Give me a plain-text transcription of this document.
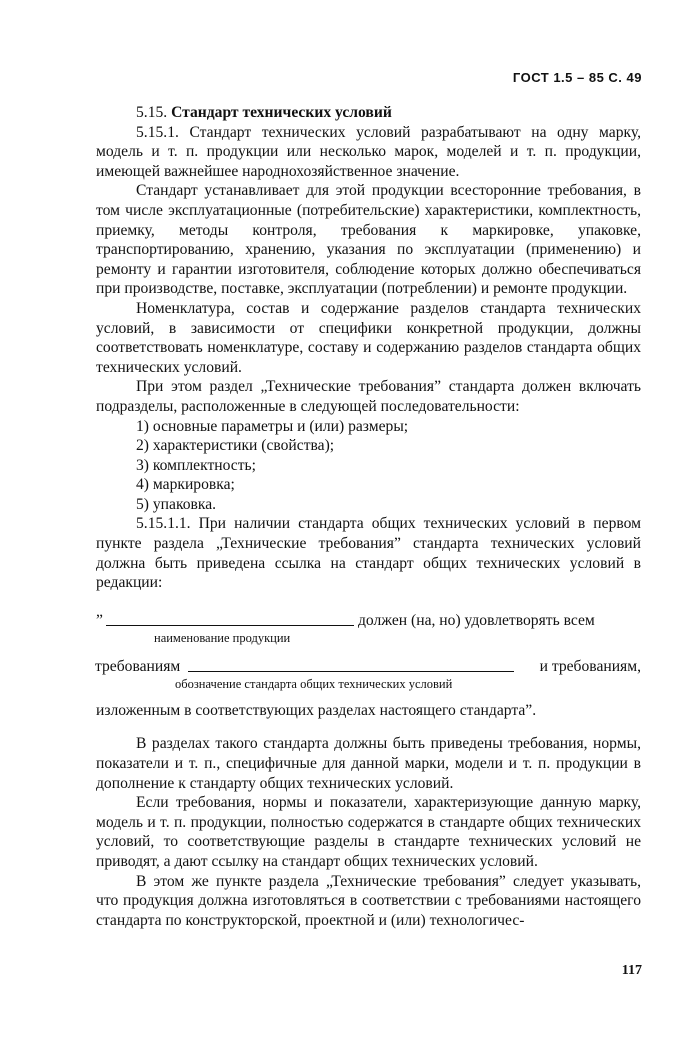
ГОСТ 1.5 – 85 С. 49

5.15. Стандарт технических условий

5.15.1. Стандарт технических условий разрабатывают на одну марку, модель и т. п. продукции или несколько марок, моделей и т. п. продукции, имеющей важнейшее народнохозяйственное значение.

Стандарт устанавливает для этой продукции всесторонние требования, в том числе эксплуатационные (потребительские) характеристики, комплектность, приемку, методы контроля, требования к маркировке, упаковке, транспортированию, хранению, указания по эксплуатации (применению) и ремонту и гарантии изготовителя, соблюдение которых должно обеспечиваться при производстве, поставке, эксплуатации (потреблении) и ремонте продукции.

Номенклатура, состав и содержание разделов стандарта технических условий, в зависимости от специфики конкретной продукции, должны соответствовать номенклатуре, составу и содержанию разделов стандарта общих технических условий.

При этом раздел „Технические требования” стандарта должен включать подразделы, расположенные в следующей последовательности:

1) основные параметры и (или) размеры;
2) характеристики (свойства);
3) комплектность;
4) маркировка;
5) упаковка.

5.15.1.1. При наличии стандарта общих технических условий в первом пункте раздела „Технические требования” стандарта технических условий должна быть приведена ссылка на стандарт общих технических условий в редакции:

”	должен (на, но) удовлетворять всем
наименование продукции
требованиям	и требованиям,
обозначение стандарта общих технических условий

изложенным в соответствующих разделах настоящего стандарта”.

В разделах такого стандарта должны быть приведены требования, нормы, показатели и т. п., специфичные для данной марки, модели и т. п. продукции в дополнение к стандарту общих технических условий.

Если требования, нормы и показатели, характеризующие данную марку, модель и т. п. продукции, полностью содержатся в стандарте общих технических условий, то соответствующие разделы в стандарте технических условий не приводят, а дают ссылку на стандарт общих технических условий.

В этом же пункте раздела „Технические требования” следует указывать, что продукция должна изготовляться в соответствии с требованиями настоящего стандарта по конструкторской, проектной и (или) технологичес-

117
